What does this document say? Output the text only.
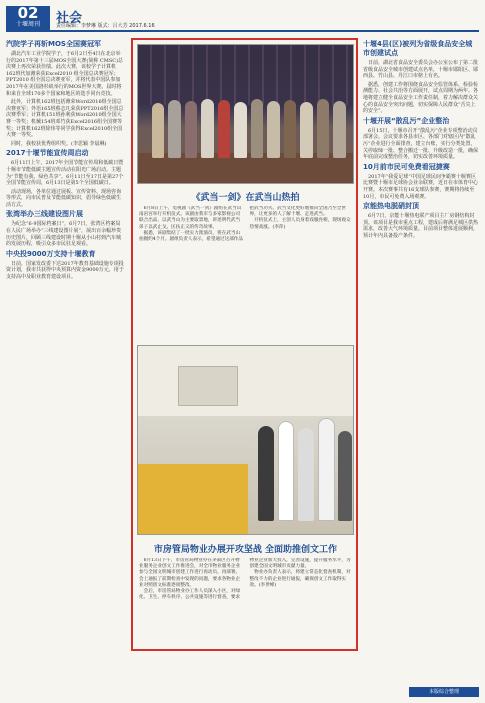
02
十堰周刊	社会
责任编辑：李梦琳 版式：吕大芳 2017.6.16
汽院学子再斩MOS全国赛冠军

湖北汽车工业学院学子，于6月2日至4日在北京举行的2017年第十三届MOS全国大赛(简称 CMSC)总决赛上再次荣获佳绩。此次大赛，该校学子计算机162班代加潍荣获Excel2010 组全国总决赛冠军；PPT2010 组全国总决赛亚军，并将代表中国队参加2017年在美国洛杉矶举行的MOS世界大赛。届时将和来自全球170多个国家和地区的选手同台竞技。

此外，计算机162班包括潍荣Word2016组全国总决赛亚军；外语165班蔡志凡荣获PPT2016组全国总决赛季军；计算机151班孙利获Word2010组全国大赛一等奖；机械154班邓竹获Excel2016组全国赛等奖；计算机162班徐伟等同学获得Excel2010组全国大赛一等奖。

同时，我校获优秀组织奖。(李思颖 李晨琳)

2017十堰节能宣传周启动

6月11日上午，2017年全国节能宣传周和低碳日暨十堰市节能低碳主题宣传活动在阳光广场启动。主题为“节能有我，绿色共享”。6月11日至17日是第27个全国节能宣传周，6月13日是第5个全国低碳日。

活动现场，各单位通过展板、宣传资料、现场咨询等形式，向市民普及节能低碳知识，倡导绿色低碳生活方式。

张湾举办三线建设图片展

为纪念“6·9国际档案日”，6月7日，张湾区档案局在人民广场举办“三线建设图片展”，展出百余幅珍贵历史图片，回顾三线建设时期十堰从小山村到汽车城的发展历程，吸引众多市民驻足观看。

中央投9000万支持十堰教育

日前，国家发改委下达2017年教育基础设施专项投资计划，我市共获得中央预算内资金9000万元，用于支持高中及职业教育建设项目。

《武当一剑》在武当山热拍

6月8日上午，电视剧《武当一剑》剧组在武当山南岩宫举行开机仪式。该剧由我市与多家影视公司联合出品，以武当山为主要取景地，讲述明代武当弟子以武止戈、匡扶正义的传奇故事。

据悉，该剧集结了一批实力派演员，将在武当山拍摄约4个月。剧组负责人表示，希望通过这部作品把武当功夫、武当文化更好地推向全国乃至全世界，让更多的人了解十堰、走进武当。

开机仪式上，主创人员身着戏服亮相，现场观众热情高涨。(李萍)

市房管局物业办展开攻坚战 全面助推创文工作

6月13日下午，市房管局物业办在茅箭区召开物业服务企业创文工作推进会，对全市物业服务企业参与全国文明城市创建工作进行再动员、再部署。会上通报了前期检查中发现的问题，要求各物业企业对照创文标准逐项整改。

会后，市房管局物业办工作人员深入小区，对绿化、卫生、停车秩序、公共设施等进行督查，要求物业企业加大投入，完善设施，提升服务水平，为创建全国文明城市贡献力量。

物业办负责人表示，将建立常态化督查机制，对整改不力的企业进行通报，确保创文工作取得实效。(李世峰)

十堰4县(区)被列为省级食品安全城市创建试点

日前，湖北省食品安全委员会办公室公布了第二批省级食品安全城市创建试点名单，十堰市郧阳区、郧西县、竹山县、丹江口市榜上有名。

据悉，创建工作将围绕食品安全监管体系、检验检测能力、社会共治等方面展开，试点周期为两年。各地将建立健全食品安全工作责任制，着力解决群众关心的食品安全突出问题，切实保障人民群众“舌尖上的安全”。

十堰开展“散乱污”企业整治

6月15日，十堰市召开“散乱污”企业专项整治动员部署会。会议要求各县市区、各部门对辖区内“散乱污”企业进行全面排查，建立台账，实行分类处置，关停取缔一批、整合搬迁一批、升级改造一批，确保年底前完成整治任务，切实改善环境质量。

10月前市民可免费看冠捷赛

2017年“我爱足球”中国足球民间争霸赛十堰赛区比赛暨十堰市足球协会业余联赛，近日在市体育中心开赛。本次赛事共有16支球队参赛，赛期将持续至10月，市民可免费入场观赛。

京能热电脱硝封顶

6月7日，京能十堰热电联产项目主厂房钢结构封顶。该项目是我市重点工程，建成后将满足城区供热需求，改善大气环境质量。目前项目整体进展顺利，预计年内具备投产条件。

本版综合整理
